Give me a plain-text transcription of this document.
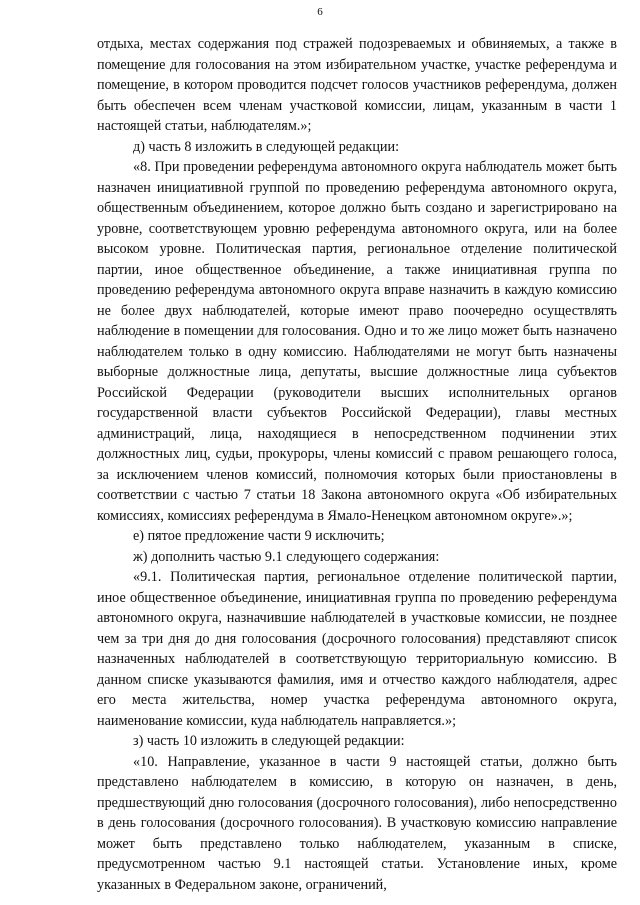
6

отдыха, местах содержания под стражей подозреваемых и обвиняемых, а также в помещение для голосования на этом избирательном участке, участке референдума и помещение, в котором проводится подсчет голосов участников референдума, должен быть обеспечен всем членам участковой комиссии, лицам, указанным в части 1 настоящей статьи, наблюдателям.»;

д) часть 8 изложить в следующей редакции:

«8. При проведении референдума автономного округа наблюдатель может быть назначен инициативной группой по проведению референдума автономного округа, общественным объединением, которое должно быть создано и зарегистрировано на уровне, соответствующем уровню референдума автономного округа, или на более высоком уровне. Политическая партия, региональное отделение политической партии, иное общественное объединение, а также инициативная группа по проведению референдума автономного округа вправе назначить в каждую комиссию не более двух наблюдателей, которые имеют право поочередно осуществлять наблюдение в помещении для голосования. Одно и то же лицо может быть назначено наблюдателем только в одну комиссию. Наблюдателями не могут быть назначены выборные должностные лица, депутаты, высшие должностные лица субъектов Российской Федерации (руководители высших исполнительных органов государственной власти субъектов Российской Федерации), главы местных администраций, лица, находящиеся в непосредственном подчинении этих должностных лиц, судьи, прокуроры, члены комиссий с правом решающего голоса, за исключением членов комиссий, полномочия которых были приостановлены в соответствии с частью 7 статьи 18 Закона автономного округа «Об избирательных комиссиях, комиссиях референдума в Ямало-Ненецком автономном округе».»;

е) пятое предложение части 9 исключить;

ж) дополнить частью 9.1 следующего содержания:

«9.1. Политическая партия, региональное отделение политической партии, иное общественное объединение, инициативная группа по проведению референдума автономного округа, назначившие наблюдателей в участковые комиссии, не позднее чем за три дня до дня голосования (досрочного голосования) представляют список назначенных наблюдателей в соответствующую территориальную комиссию. В данном списке указываются фамилия, имя и отчество каждого наблюдателя, адрес его места жительства, номер участка референдума автономного округа, наименование комиссии, куда наблюдатель направляется.»;

з) часть 10 изложить в следующей редакции:

«10. Направление, указанное в части 9 настоящей статьи, должно быть представлено наблюдателем в комиссию, в которую он назначен, в день, предшествующий дню голосования (досрочного голосования), либо непосредственно в день голосования (досрочного голосования). В участковую комиссию направление может быть представлено только наблюдателем, указанным в списке, предусмотренном частью 9.1 настоящей статьи. Установление иных, кроме указанных в Федеральном законе, ограничений,
